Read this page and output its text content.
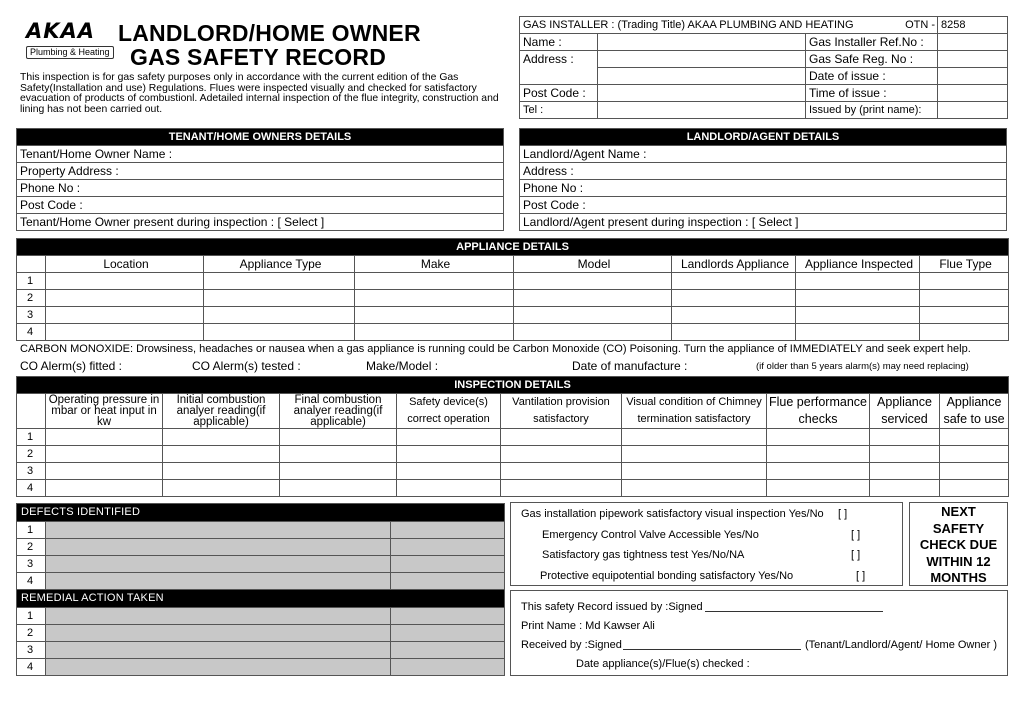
AKAA
Plumbing & Heating
LANDLORD/HOME OWNER
GAS SAFETY RECORD
This inspection is for gas safety purposes only in accordance with the current edition of the Gas Safety(Installation and use) Regulations. Flues were inspected visually and checked for satisfactory evacuation of products of combustionl. Adetailed internal inspection of the flue integrity, construction and lining has not been carried out.
GAS INSTALLER : (Trading Title) AKAA PLUMBING AND HEATING OTN -			8258
Name :		Gas Installer Ref.No :	
Address :		Gas Safe Reg. No :	
		Date of issue :	
Post Code :		Time of issue :	
Tel :		Issued by (print name):	
TENANT/HOME OWNERS DETAILS
Tenant/Home Owner Name :
Property Address :
Phone No :
Post Code :
Tenant/Home Owner present during inspection : [ Select ]
LANDLORD/AGENT DETAILS
Landlord/Agent Name :
Address :
Phone No :
Post Code :
Landlord/Agent present during inspection : [ Select ]
APPLIANCE DETAILS							
	Location	Appliance Type	Make	Model	Landlords Appliance	Appliance Inspected	Flue Type
1							
2							
3							
4							
CARBON MONOXIDE: Drowsiness, headaches or nausea when a gas appliance is running could be Carbon Monoxide (CO) Poisoning. Turn the appliance of IMMEDIATELY and seek expert help.
CO Alerm(s) fitted :	CO Alerm(s) tested :	Make/Model :	Date of manufacture :	(if older than 5 years alarm(s) may need replacing)
INSPECTION DETAILS									
	Operating pressure in mbar or heat input in kw	Initial combustion analyer reading(if applicable)	Final combustion analyer reading(if applicable)	Safety device(s) correct operation	Vantilation provision satisfactory	Visual condition of Chimney termination satisfactory	Flue performance checks	Appliance serviced	Appliance safe to use
1									
2									
3									
4									
DEFECTS IDENTIFIED		
1		
2		
3		
4		
REMEDIAL ACTION TAKEN		
1		
2		
3		
4		
Gas installation pipework satisfactory visual inspection Yes/No [ ]
Emergency Control Valve Accessible Yes/No	[ ]
Satisfactory gas tightness test Yes/No/NA	[ ]
Protective equipotential bonding satisfactory Yes/No	[ ]
NEXT
SAFETY
CHECK DUE
WITHIN 12
MONTHS
This safety Record issued by :Signed
Print Name : Md Kawser Ali
Received by :Signed	(Tenant/Landlord/Agent/ Home Owner )
Date appliance(s)/Flue(s) checked :
